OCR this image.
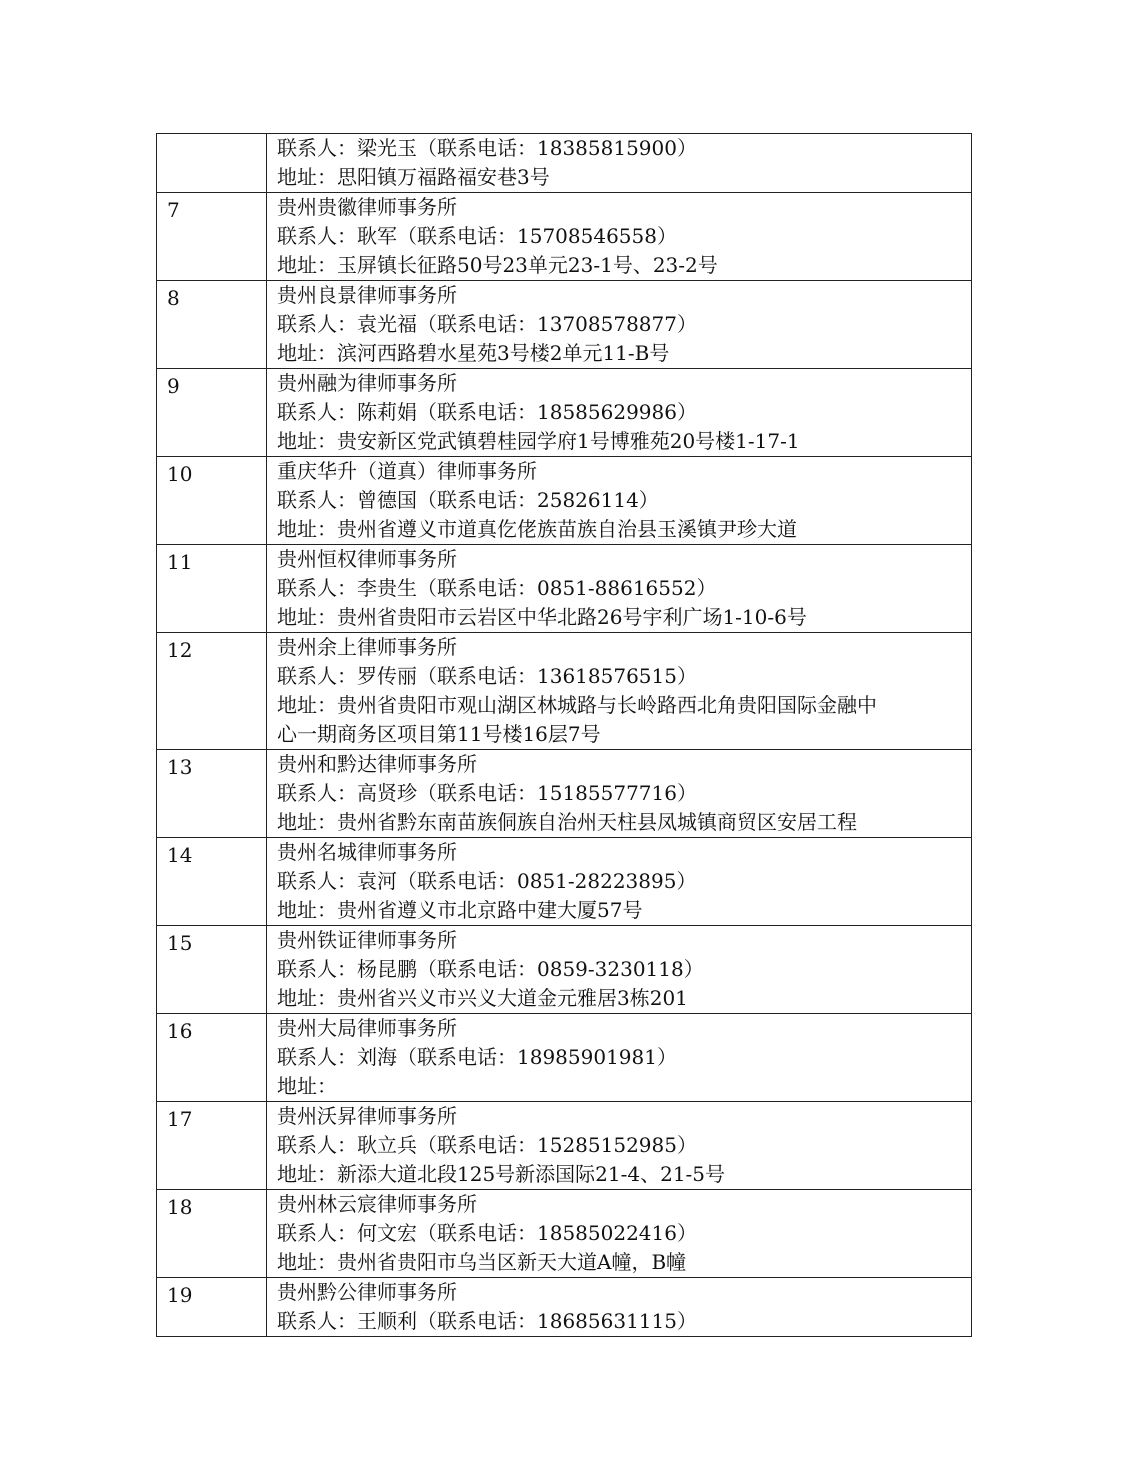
	联系人：梁光玉（联系电话：18385815900）
地址：思阳镇万福路福安巷3号

7	贵州贵徽律师事务所
联系人：耿军（联系电话：15708546558）
地址：玉屏镇长征路50号23单元23-1号、23-2号

8	贵州良景律师事务所
联系人：袁光福（联系电话：13708578877）
地址：滨河西路碧水星苑3号楼2单元11-B号

9	贵州融为律师事务所
联系人：陈莉娟（联系电话：18585629986）
地址：贵安新区党武镇碧桂园学府1号博雅苑20号楼1-17-1

10	重庆华升（道真）律师事务所
联系人：曾德国（联系电话：25826114）
地址：贵州省遵义市道真仡佬族苗族自治县玉溪镇尹珍大道

11	贵州恒权律师事务所
联系人：李贵生（联系电话：0851-88616552）
地址：贵州省贵阳市云岩区中华北路26号宇利广场1-10-6号

12	贵州余上律师事务所
联系人：罗传丽（联系电话：13618576515）
地址：贵州省贵阳市观山湖区林城路与长岭路西北角贵阳国际金融中
心一期商务区项目第11号楼16层7号

13	贵州和黔达律师事务所
联系人：高贤珍（联系电话：15185577716）
地址：贵州省黔东南苗族侗族自治州天柱县凤城镇商贸区安居工程

14	贵州名城律师事务所
联系人：袁河（联系电话：0851-28223895）
地址：贵州省遵义市北京路中建大厦57号

15	贵州铁证律师事务所
联系人：杨昆鹏（联系电话：0859-3230118）
地址：贵州省兴义市兴义大道金元雅居3栋201

16	贵州大局律师事务所
联系人：刘海（联系电话：18985901981）
地址：

17	贵州沃昇律师事务所
联系人：耿立兵（联系电话：15285152985）
地址：新添大道北段125号新添国际21-4、21-5号

18	贵州林云宸律师事务所
联系人：何文宏（联系电话：18585022416）
地址：贵州省贵阳市乌当区新天大道A幢，B幢

19	贵州黔公律师事务所
联系人：王顺利（联系电话：18685631115）
